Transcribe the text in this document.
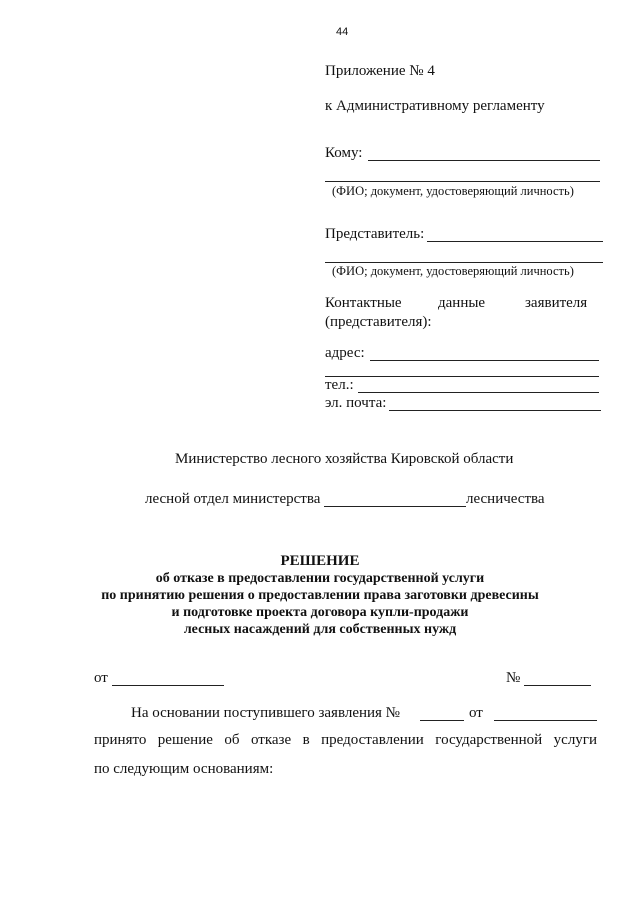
44
Приложение № 4
к Административному регламенту
Кому:
(ФИО; документ, удостоверяющий личность)
Представитель:
(ФИО; документ, удостоверяющий личность)
Контактные данные	заявителя
(представителя):
адрес:
тел.:
эл. почта:
Министерство лесного хозяйства Кировской области
лесной отдел министерства	лесничества
РЕШЕНИЕ
об отказе в предоставлении государственной услуги
по принятию решения о предоставлении права заготовки древесины
и подготовке проекта договора купли-продажи
лесных насаждений для собственных нужд
от	№
На основании поступившего заявления №	от
принято решение об отказе в предоставлении государственной услуги
по следующим основаниям:
